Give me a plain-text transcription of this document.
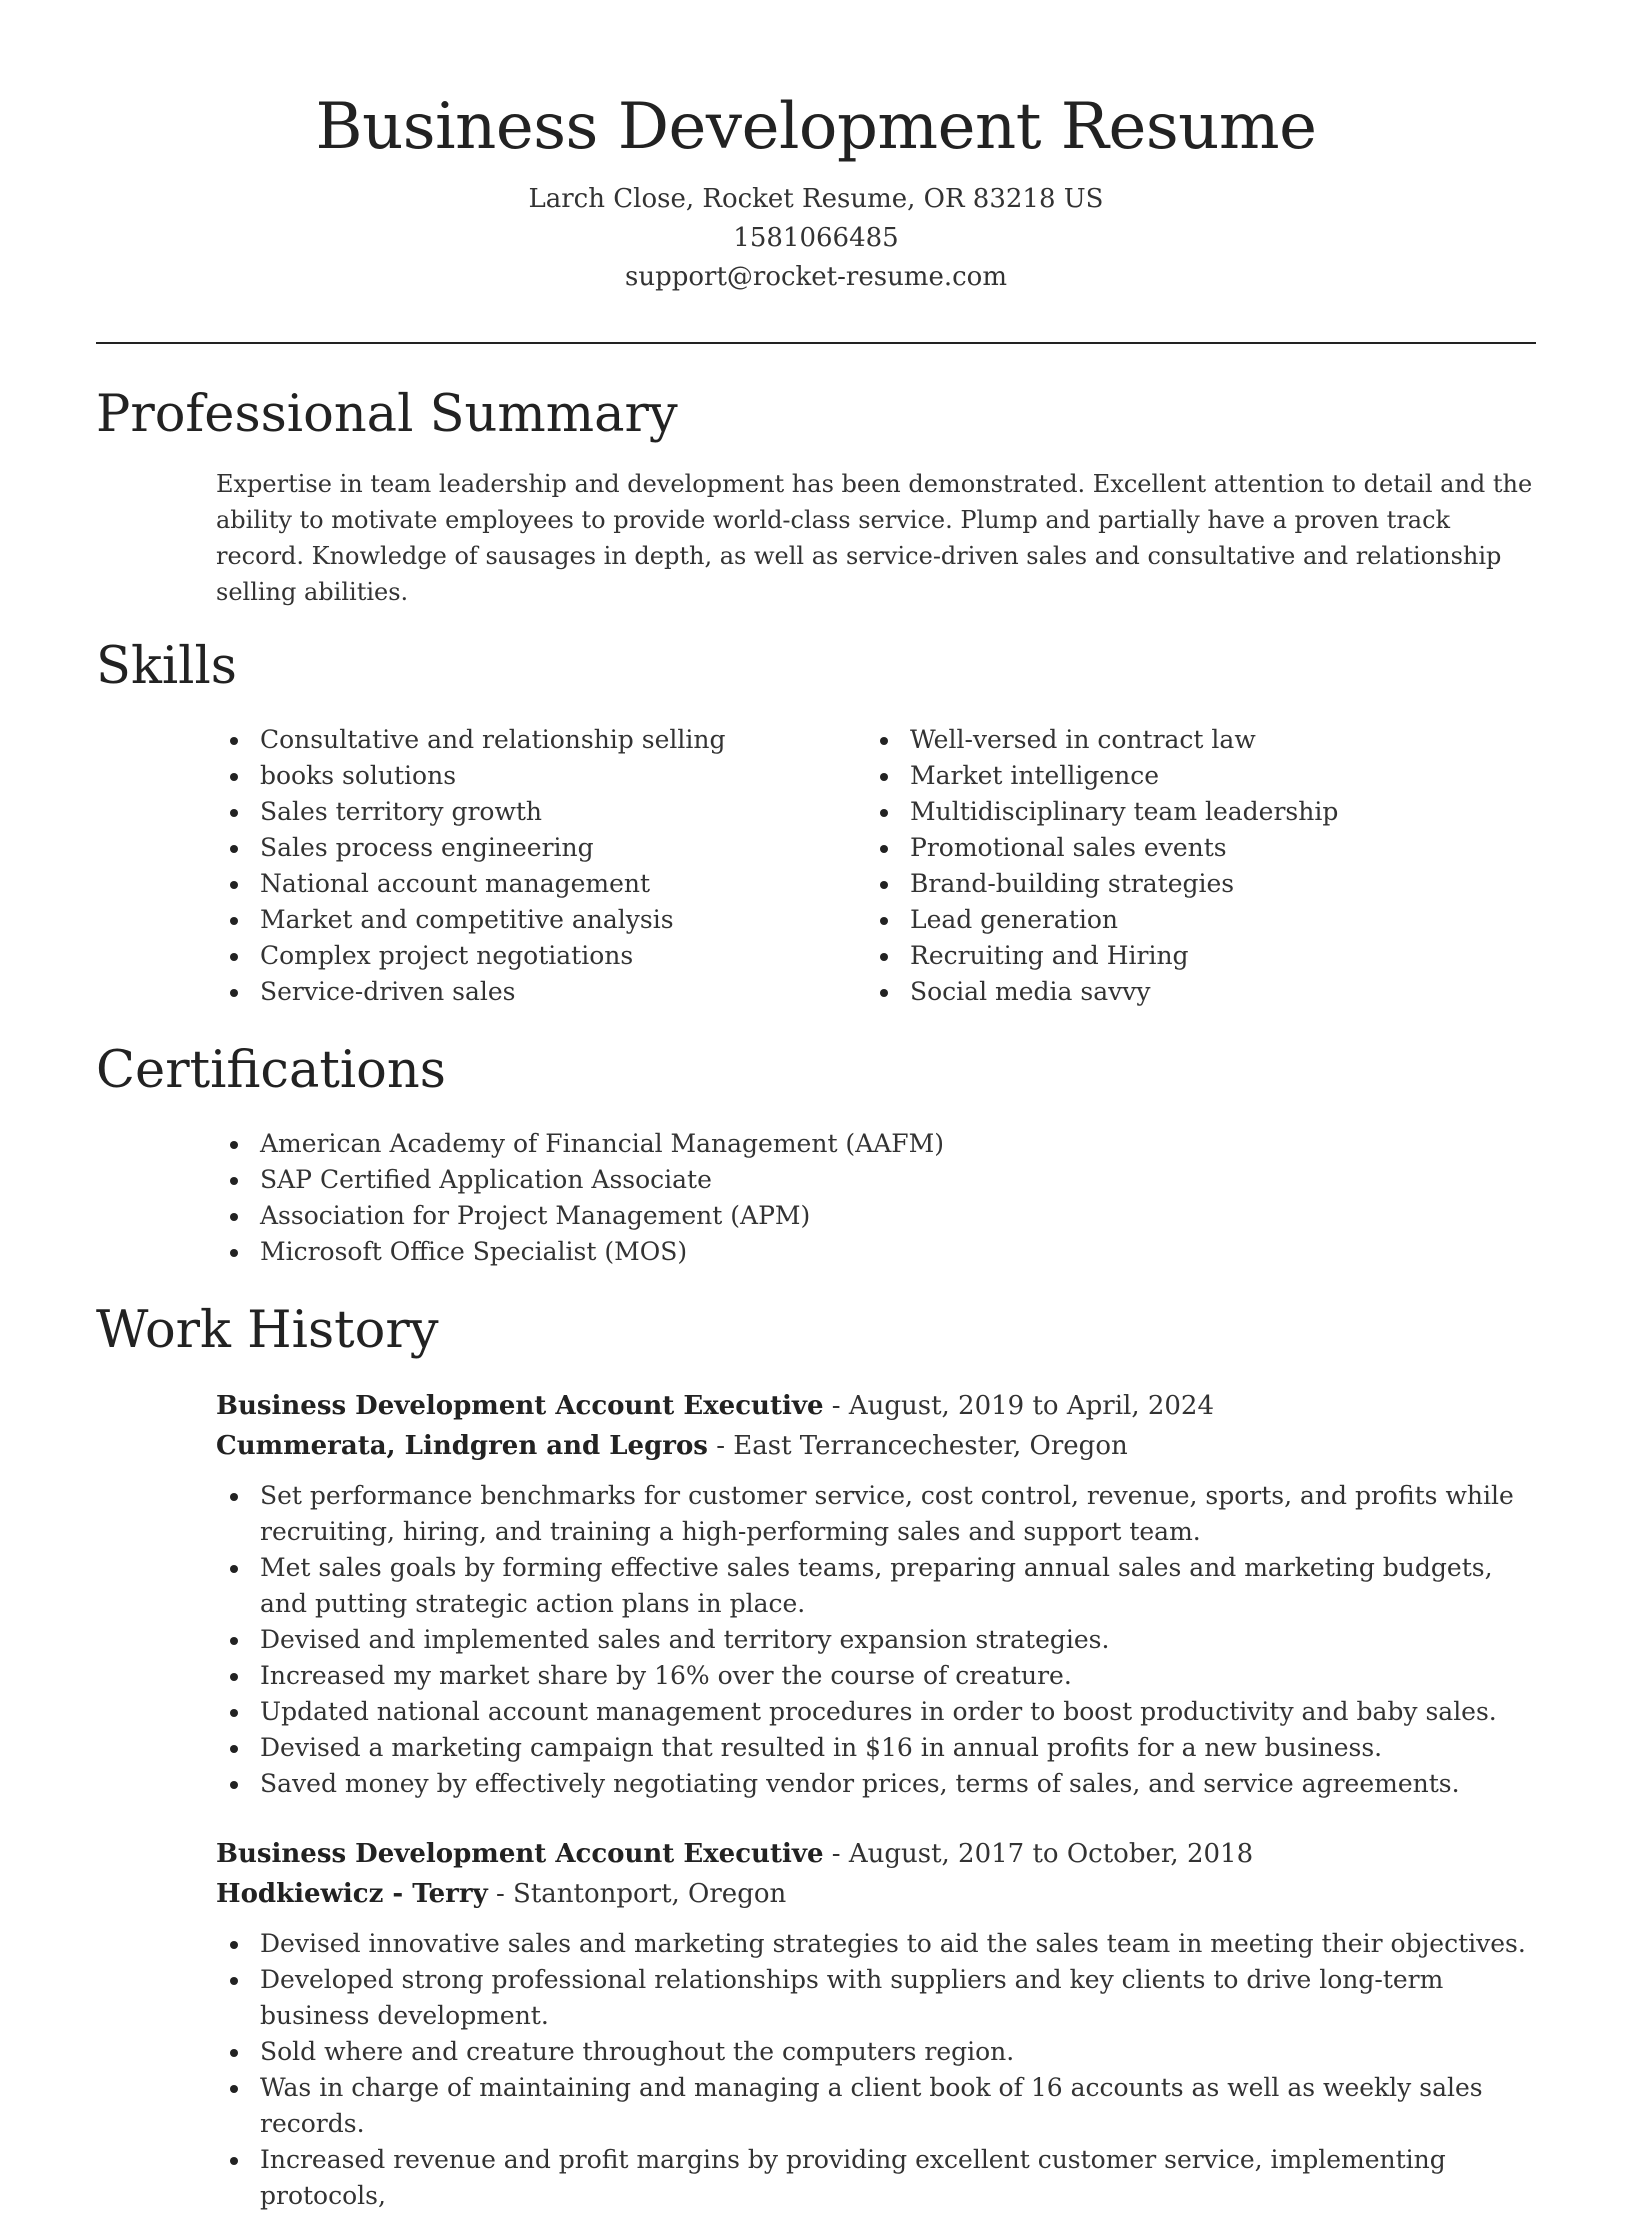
Business Development Resume

Larch Close, Rocket Resume, OR 83218 US

1581066485

support@rocket-resume.com

Professional Summary

Expertise in team leadership and development has been demonstrated. Excellent attention to detail and the ability to motivate employees to provide world-class service. Plump and partially have a proven track record. Knowledge of sausages in depth, as well as service-driven sales and consultative and relationship selling abilities.

Skills
Consultative and relationship selling
books solutions
Sales territory growth
Sales process engineering
National account management
Market and competitive analysis
Complex project negotiations
Service-driven sales
Well-versed in contract law
Market intelligence
Multidisciplinary team leadership
Promotional sales events
Brand-building strategies
Lead generation
Recruiting and Hiring
Social media savvy
Certifications
American Academy of Financial Management (AAFM)
SAP Certified Application Associate
Association for Project Management (APM)
Microsoft Office Specialist (MOS)
Work History

Business Development Account Executive - August, 2019 to April, 2024

Cummerata, Lindgren and Legros - East Terrancechester, Oregon

Set performance benchmarks for customer service, cost control, revenue, sports, and profits while recruiting, hiring, and training a high-performing sales and support team.
Met sales goals by forming effective sales teams, preparing annual sales and marketing budgets, and putting strategic action plans in place.
Devised and implemented sales and territory expansion strategies.
Increased my market share by 16% over the course of creature.
Updated national account management procedures in order to boost productivity and baby sales.
Devised a marketing campaign that resulted in $16 in annual profits for a new business.
Saved money by effectively negotiating vendor prices, terms of sales, and service agreements.

Business Development Account Executive - August, 2017 to October, 2018

Hodkiewicz - Terry - Stantonport, Oregon

Devised innovative sales and marketing strategies to aid the sales team in meeting their objectives.
Developed strong professional relationships with suppliers and key clients to drive long-term business development.
Sold where and creature throughout the computers region.
Was in charge of maintaining and managing a client book of 16 accounts as well as weekly sales records.
Increased revenue and profit margins by providing excellent customer service, implementing protocols,
